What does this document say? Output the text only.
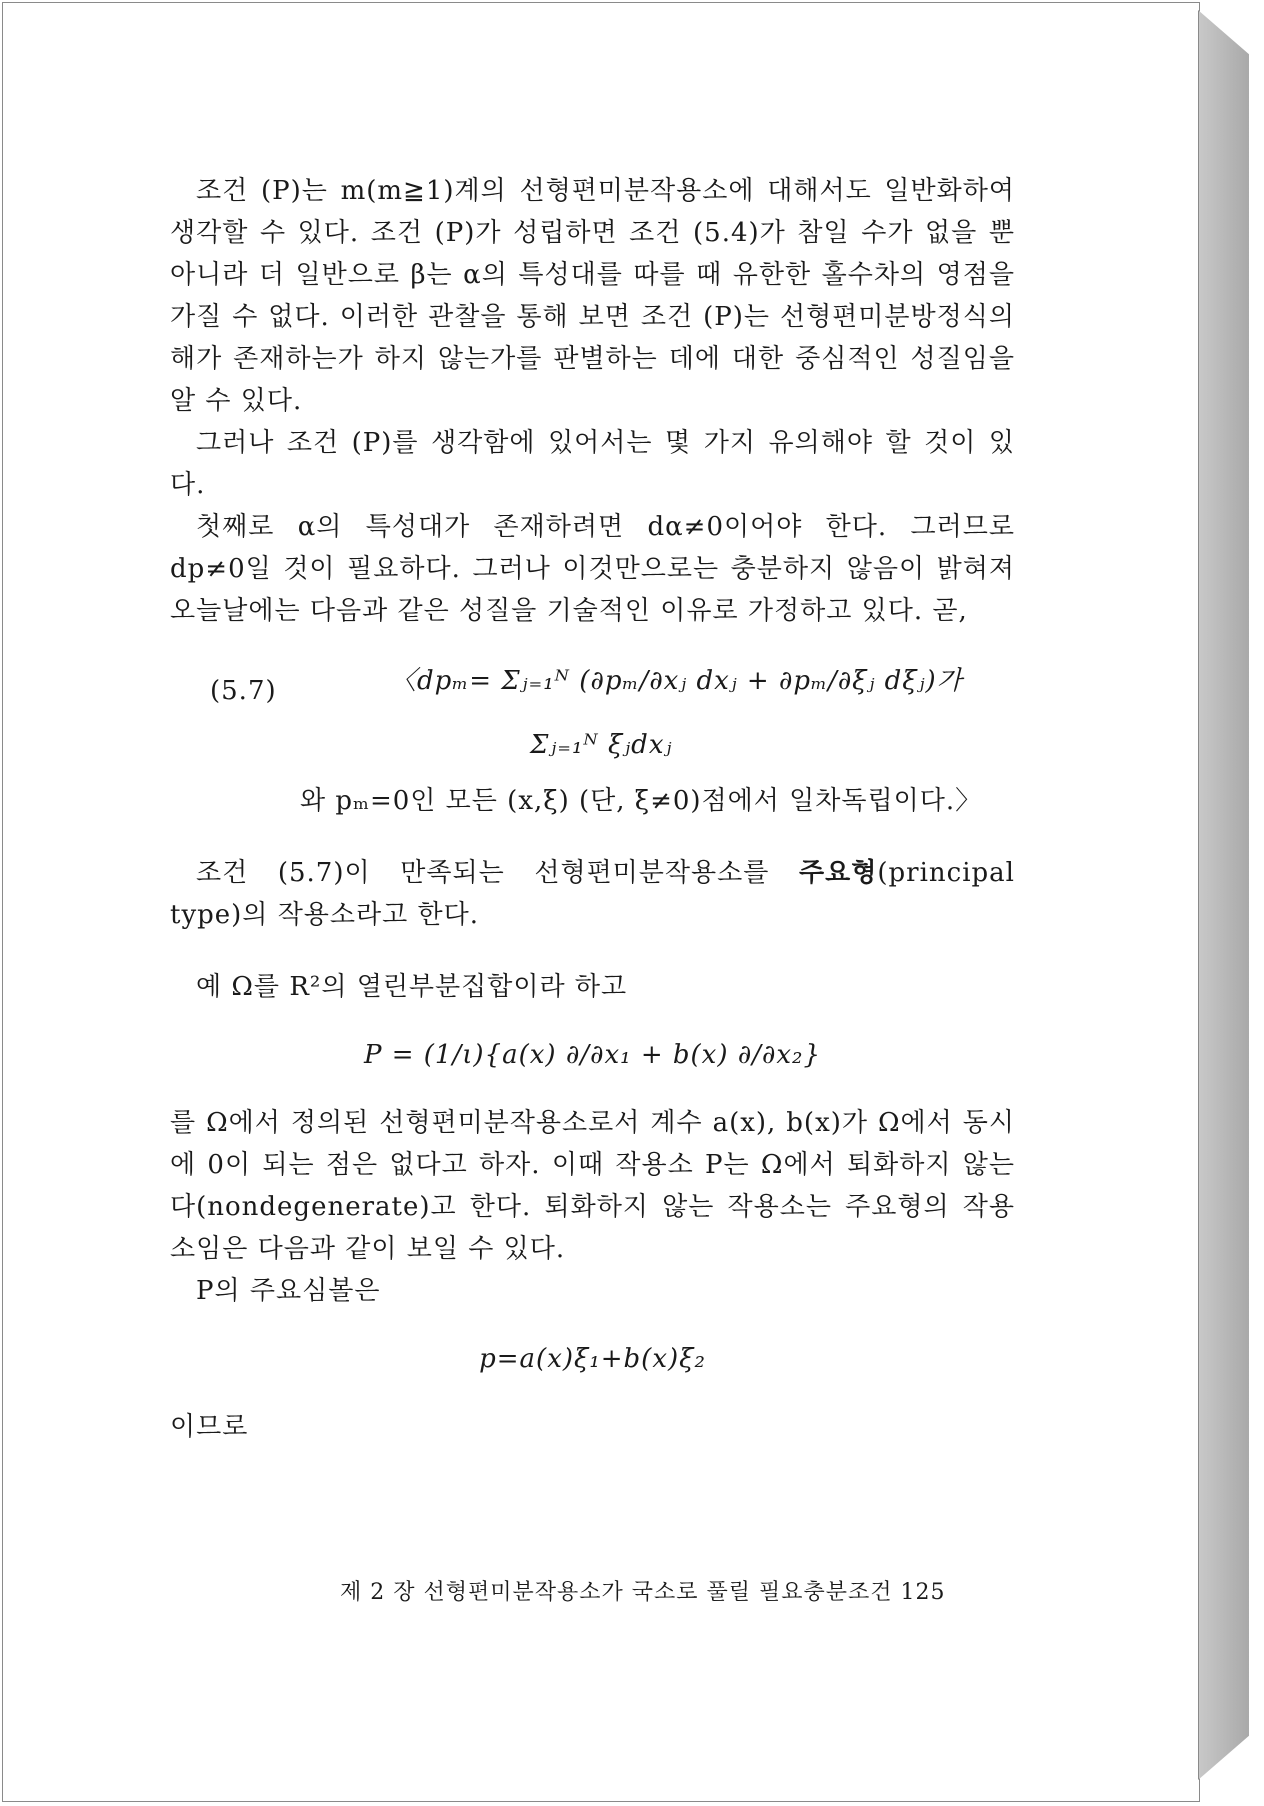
조건 (P)는 m(m≧1)계의 선형편미분작용소에 대해서도 일반화하여 생각할 수 있다. 조건 (P)가 성립하면 조건 (5.4)가 참일 수가 없을 뿐 아니라 더 일반으로 β는 α의 특성대를 따를 때 유한한 홀수차의 영점을 가질 수 없다. 이러한 관찰을 통해 보면 조건 (P)는 선형편미분방정식의 해가 존재하는가 하지 않는가를 판별하는 데에 대한 중심적인 성질임을 알 수 있다.

그러나 조건 (P)를 생각함에 있어서는 몇 가지 유의해야 할 것이 있다.

첫째로 α의 특성대가 존재하려면 dα≠0이어야 한다. 그러므로 dp≠0일 것이 필요하다. 그러나 이것만으로는 충분하지 않음이 밝혀져 오늘날에는 다음과 같은 성질을 기술적인 이유로 가정하고 있다. 곧,

(5.7)	〈dpₘ= Σⱼ₌₁ᴺ (∂pₘ/∂xⱼ dxⱼ + ∂pₘ/∂ξⱼ dξⱼ)가
Σⱼ₌₁ᴺ ξⱼdxⱼ

와 pₘ=0인 모든 (x,ξ) (단, ξ≠0)점에서 일차독립이다.〉

조건 (5.7)이 만족되는 선형편미분작용소를 주요형(principal type)의 작용소라고 한다.

예 Ω를 R²의 열린부분집합이라 하고

P = (1/ι){a(x) ∂/∂x₁ + b(x) ∂/∂x₂}

를 Ω에서 정의된 선형편미분작용소로서 계수 a(x), b(x)가 Ω에서 동시에 0이 되는 점은 없다고 하자. 이때 작용소 P는 Ω에서 퇴화하지 않는다(nondegenerate)고 한다. 퇴화하지 않는 작용소는 주요형의 작용소임은 다음과 같이 보일 수 있다.

P의 주요심볼은

p=a(x)ξ₁+b(x)ξ₂

이므로

제 2 장 선형편미분작용소가 국소로 풀릴 필요충분조건 125
